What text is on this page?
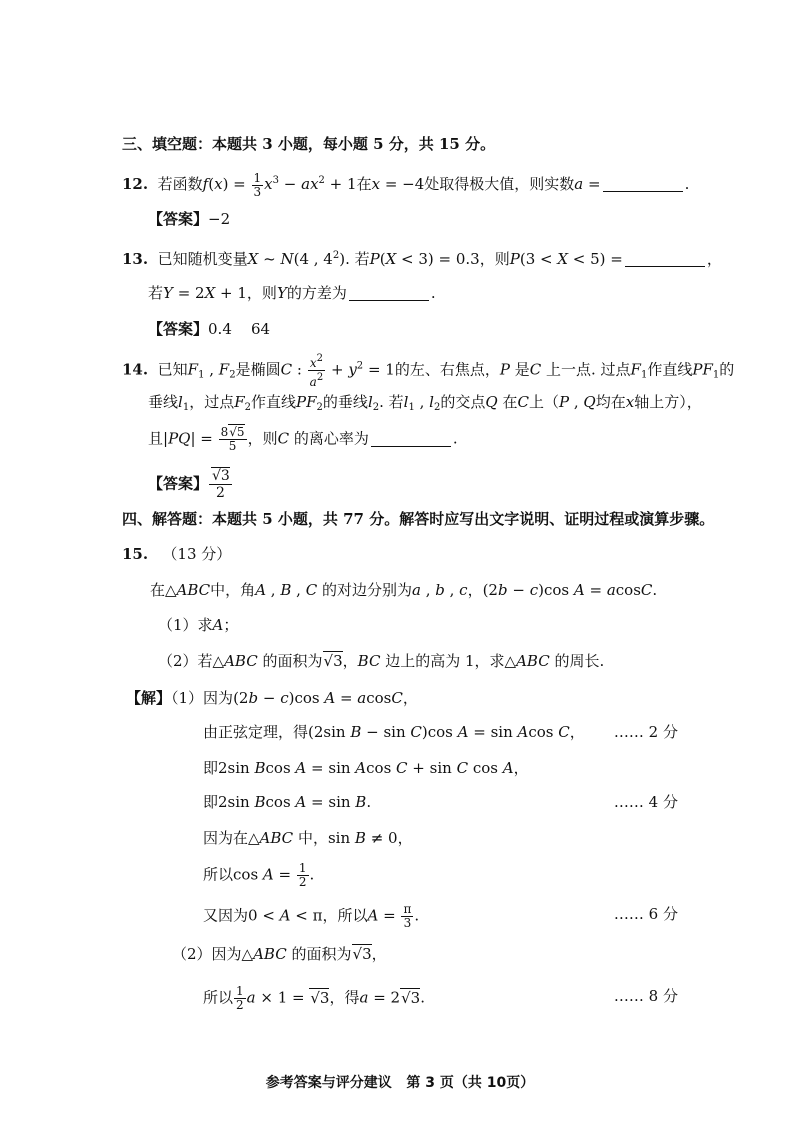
三、填空题：本题共 3 小题，每小题 5 分，共 15 分。
12. 若函数$f(x) = \frac{1}{3} x^3 - ax^2 + 1$在x = −4处取得极大值，则实数a =	.
【答案】−2
13. 已知随机变量X ~ N(4 , $4^2$). 若P(X < 3) = 0.3，则P(3 < X < 5) =	，
若Y = 2X + 1，则Y的方差为	.
【答案】0.4    64
14. 已知$F_1$ , $F_2$是椭圆C : $\frac{x^2}{a^2} + y^2 = 1$的左、右焦点，P 是C 上一点. 过点$F_1$作直线$PF_1$的
垂线$l_1$，过点$F_2$作直线$PF_2$的垂线$l_2$. 若$l_1$ , $l_2$的交点Q 在C上（P , Q均在x轴上方），
且$|PQ| = \frac{8√5}{5}$ ，则C 的离心率为	.
【答案】 $\frac{√3}{2}$
四、解答题：本题共 5 小题，共 77 分。解答时应写出文字说明、证明过程或演算步骤。
15. （13 分）
在△ABC中，角A , B , C 的对边分别为a , b , c，(2b − c)cos A = acosC.
（1）求A；
（2）若△ABC 的面积为√3，BC 边上的高为 1，求△ABC 的周长.
【解】（1）因为(2b − c)cos A = acosC，
由正弦定理，得(2sin B − sin C)cos A = sin Acos C， …… 2 分
即2sin Bcos A = sin Acos C + sin C cos A，
即2sin Bcos A = sin B.	…… 4 分
因为在△ABC 中，sin B ≠ 0，
所以$\cos A = \frac{1}{2}$ .
又因为0 < A < π，所以$A = \frac{\pi}{3}$ .	…… 6 分
（2）因为△ABC 的面积为√3，
所以 $\frac{1}{2}$ a × 1 = √3，得a = 2√3.	…… 8 分
参考答案与评分建议   第 3 页（共 10页）
